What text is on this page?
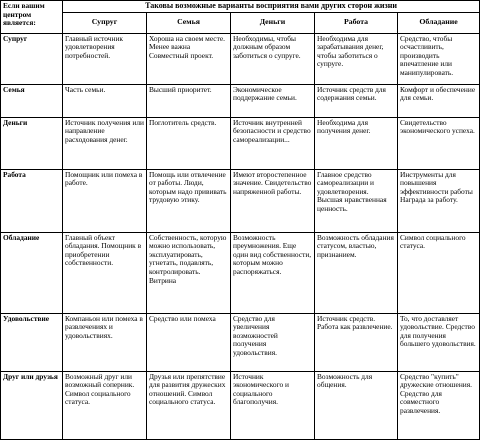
Если вашим центром является:	Таковы возможные варианты восприятия вами других сторон жизни				
	Супруг	Семья	Деньги	Работа	Обладание
Супруг	Главный источник удовлетворения потребностей.	Хороша на своем месте. Менее важна Совместный проект.	Необходимы, чтобы должным образом заботиться о супруге.	Необходима для зарабатывания денег, чтобы заботиться о супруге.	Средство, чтобы осчастливить, производить впечатление или манипулировать.
Семья	Часть семьи.	Высший приоритет.	Экономическое поддержание семьи.	Источник средств для содержания семьи.	Комфорт и обеспечение для семьи.
Деньги	Источник получения или направление расходования денег.	Поглотитель средств.	Источник внутренней безопасности и средство самореализации...	Необходима для получения денег.	Свидетельство экономического успеха.
Работа	Помощник или помеха в работе.	Помощь или отвлечение от работы. Люди, которым надо прививать трудовую этику.	Имеют второстепенное значение. Свидетельство напряженной работы.	Главное средство самореализации и удовлетворения. Высшая нравственная ценность.	Инструменты для повышения эффективности работы Награда за работу.
Обладание	Главный объект обладания. Помощник в приобретении собственности.	Собственность, которую можно использовать, эксплуатировать, угнетать, подавлять, контролировать. Витрина	Возможность преумножения. Еще один вид собственности, которым можно распоряжаться.	Возможность обладания статусом, властью, признанием.	Символ социального статуса.
Удовольствие	Компаньон или помеха в развлечениях и удовольствиях.	Средство или помеха	Средство для увеличения возможностей получения удовольствия.	Источник средств. Работа как развлечение.	То, что доставляет удовольствие. Средство для получения большего удовольствия.
Друг или друзья	Возможный друг или возможный соперник. Символ социального статуса.	Друзья или препятствие для развития дружеских отношений. Символ социального статуса.	Источник экономического и социального благополучия.	Возможность для общения.	Средство "купить" дружеские отношения. Средство для совместного развлечения.
